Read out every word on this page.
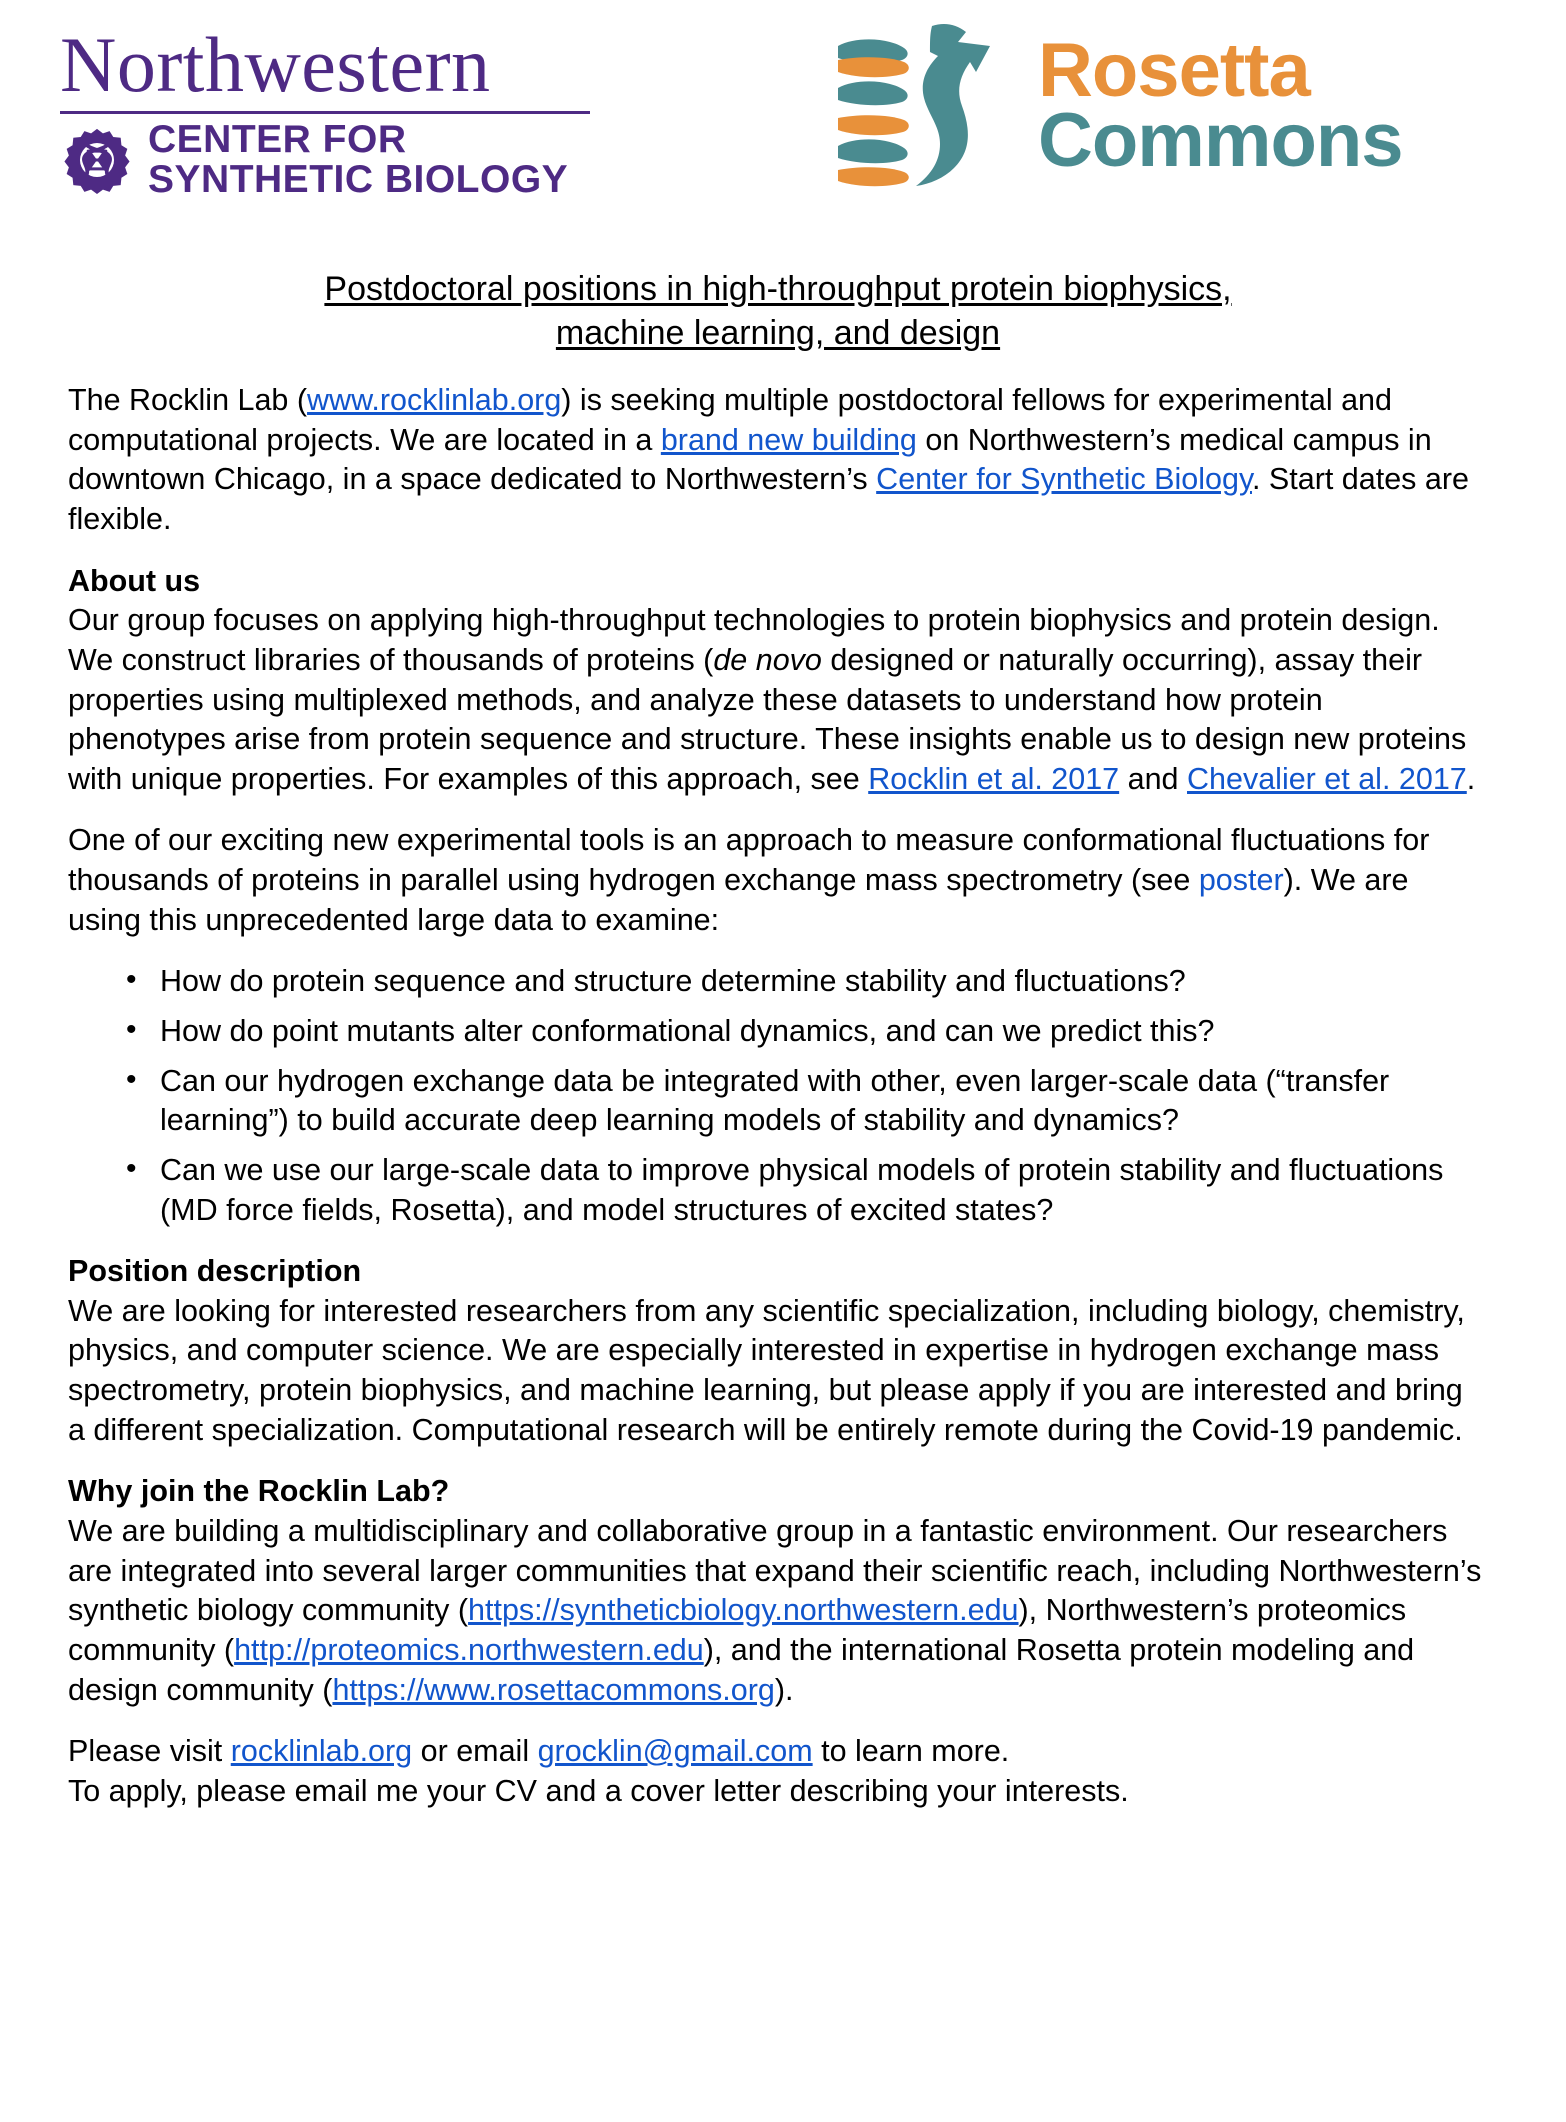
Northwestern
CENTER FOR
SYNTHETIC BIOLOGY
Rosetta
Commons
Postdoctoral positions in high-throughput protein biophysics,
machine learning, and design

The Rocklin Lab (www.rocklinlab.org) is seeking multiple postdoctoral fellows for experimental and computational projects. We are located in a brand new building on Northwestern’s medical campus in downtown Chicago, in a space dedicated to Northwestern’s Center for Synthetic Biology. Start dates are flexible.

About us

Our group focuses on applying high-throughput technologies to protein biophysics and protein design. We construct libraries of thousands of proteins (de novo designed or naturally occurring), assay their properties using multiplexed methods, and analyze these datasets to understand how protein phenotypes arise from protein sequence and structure. These insights enable us to design new proteins with unique properties. For examples of this approach, see Rocklin et al. 2017 and Chevalier et al. 2017.

One of our exciting new experimental tools is an approach to measure conformational fluctuations for thousands of proteins in parallel using hydrogen exchange mass spectrometry (see poster). We are using this unprecedented large data to examine:

• How do protein sequence and structure determine stability and fluctuations?
• How do point mutants alter conformational dynamics, and can we predict this?
• Can our hydrogen exchange data be integrated with other, even larger-scale data (“transfer learning”) to build accurate deep learning models of stability and dynamics?
• Can we use our large-scale data to improve physical models of protein stability and fluctuations (MD force fields, Rosetta), and model structures of excited states?
Position description

We are looking for interested researchers from any scientific specialization, including biology, chemistry, physics, and computer science. We are especially interested in expertise in hydrogen exchange mass spectrometry, protein biophysics, and machine learning, but please apply if you are interested and bring a different specialization. Computational research will be entirely remote during the Covid-19 pandemic.

Why join the Rocklin Lab?

We are building a multidisciplinary and collaborative group in a fantastic environment. Our researchers are integrated into several larger communities that expand their scientific reach, including Northwestern’s synthetic biology community (https://syntheticbiology.northwestern.edu), Northwestern’s proteomics community (http://proteomics.northwestern.edu), and the international Rosetta protein modeling and design community (https://www.rosettacommons.org).

Please visit rocklinlab.org or email grocklin@gmail.com to learn more.
To apply, please email me your CV and a cover letter describing your interests.
